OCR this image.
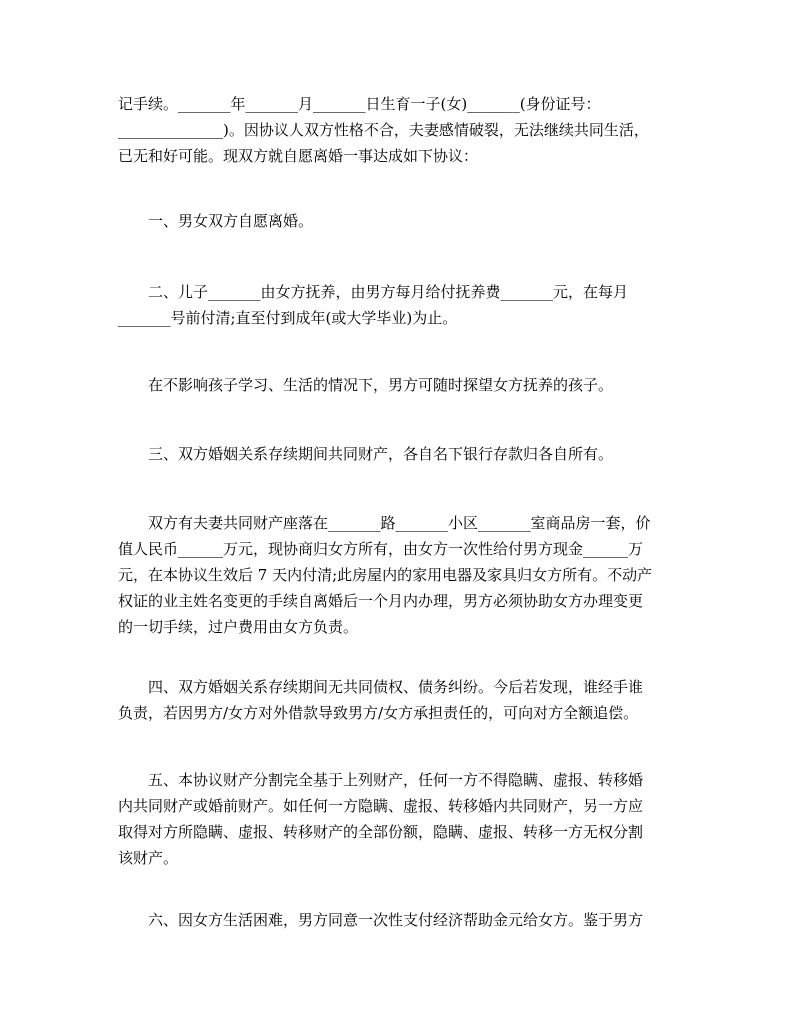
记手续。_______年_______月_______日生育一子(女)_______(身份证号：
______________)。因协议人双方性格不合，夫妻感情破裂，无法继续共同生活，
已无和好可能。现双方就自愿离婚一事达成如下协议：
一、男女双方自愿离婚。
二、儿子_______由女方抚养，由男方每月给付抚养费_______元，在每月
_______号前付清;直至付到成年(或大学毕业)为止。
在不影响孩子学习、生活的情况下，男方可随时探望女方抚养的孩子。
三、双方婚姻关系存续期间共同财产，各自名下银行存款归各自所有。
双方有夫妻共同财产座落在_______路_______小区_______室商品房一套，价
值人民币______万元，现协商归女方所有，由女方一次性给付男方现金______万
元，在本协议生效后 7 天内付清;此房屋内的家用电器及家具归女方所有。不动产
权证的业主姓名变更的手续自离婚后一个月内办理，男方必须协助女方办理变更
的一切手续，过户费用由女方负责。
四、双方婚姻关系存续期间无共同债权、债务纠纷。今后若发现，谁经手谁
负责，若因男方/女方对外借款导致男方/女方承担责任的，可向对方全额追偿。
五、本协议财产分割完全基于上列财产，任何一方不得隐瞒、虚报、转移婚
内共同财产或婚前财产。如任何一方隐瞒、虚报、转移婚内共同财产，另一方应
取得对方所隐瞒、虚报、转移财产的全部份额，隐瞒、虚报、转移一方无权分割
该财产。
六、因女方生活困难，男方同意一次性支付经济帮助金元给女方。鉴于男方
